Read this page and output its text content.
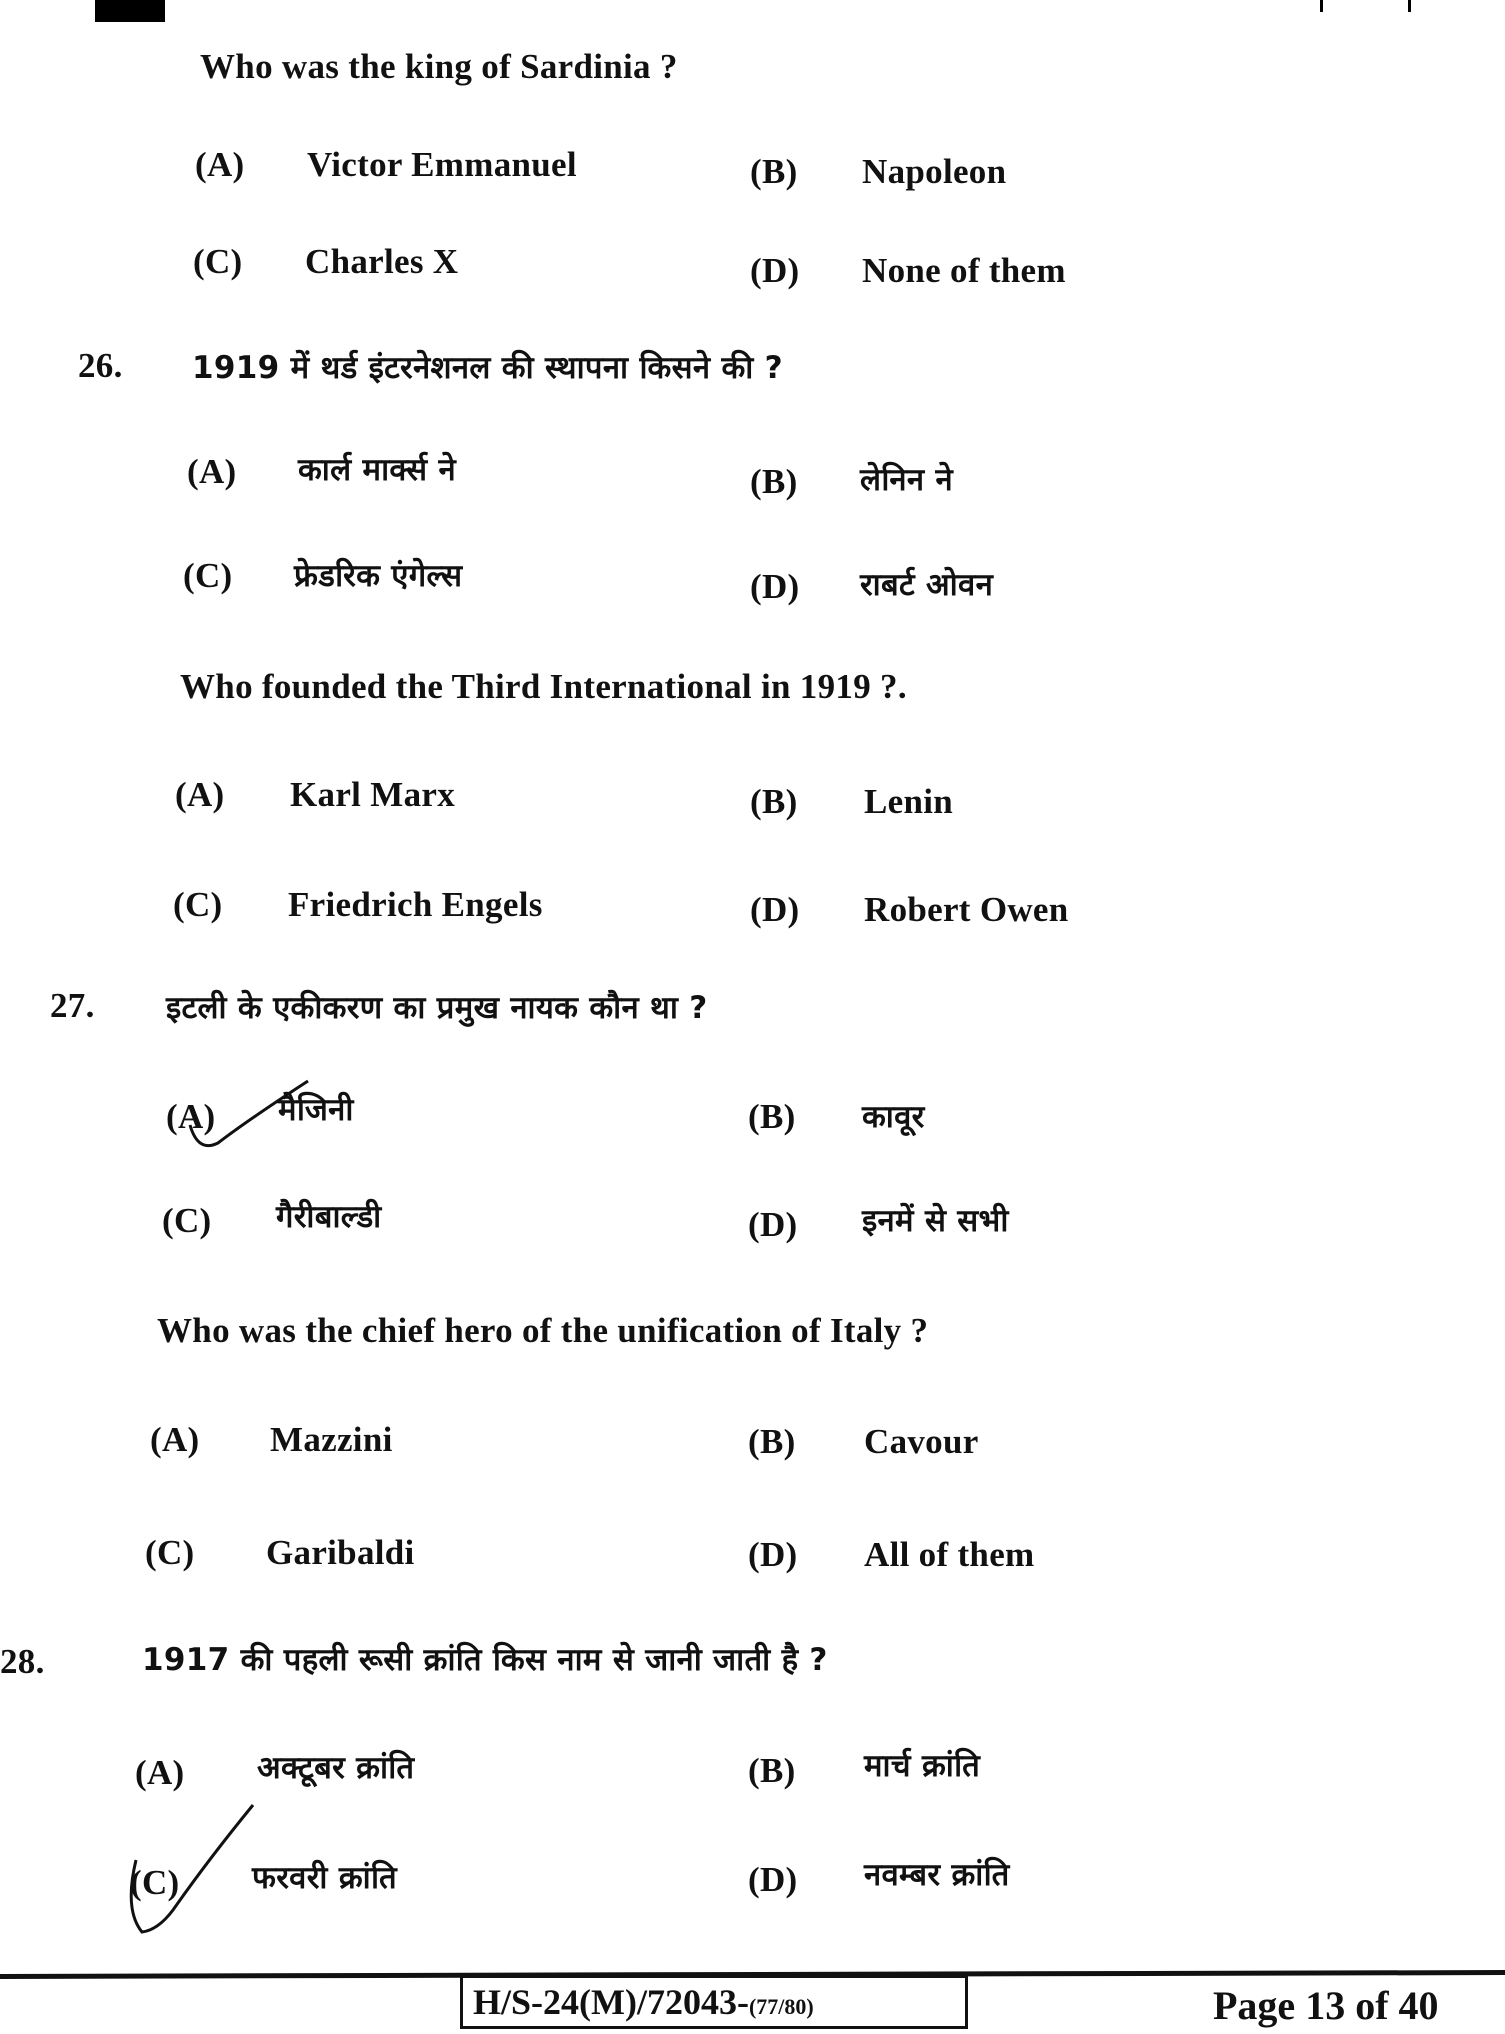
Who was the king of Sardinia ?
(A) Victor Emmanuel	(B) Napoleon
(C) Charles X	(D) None of them
26. 1919 में थर्ड इंटरनेशनल की स्थापना किसने की ?
(A) कार्ल मार्क्स ने	(B) लेनिन ने
(C) फ्रेडरिक एंगेल्स	(D) राबर्ट ओवन
Who founded the Third International in 1919 ?.
(A) Karl Marx	(B) Lenin
(C) Friedrich Engels	(D) Robert Owen
27. इटली के एकीकरण का प्रमुख नायक कौन था ?
(A) मैजिनी	(B) कावूर
(C) गैरीबाल्डी	(D) इनमें से सभी
Who was the chief hero of the unification of Italy ?
(A) Mazzini	(B) Cavour
(C) Garibaldi	(D) All of them
28.	1917 की पहली रूसी क्रांति किस नाम से जानी जाती है ?
(A) अक्टूबर क्रांति	(B) मार्च क्रांति
(C) फरवरी क्रांति	(D) नवम्बर क्रांति
H/S-24(M)/72043-(77/80)	Page 13 of 40
